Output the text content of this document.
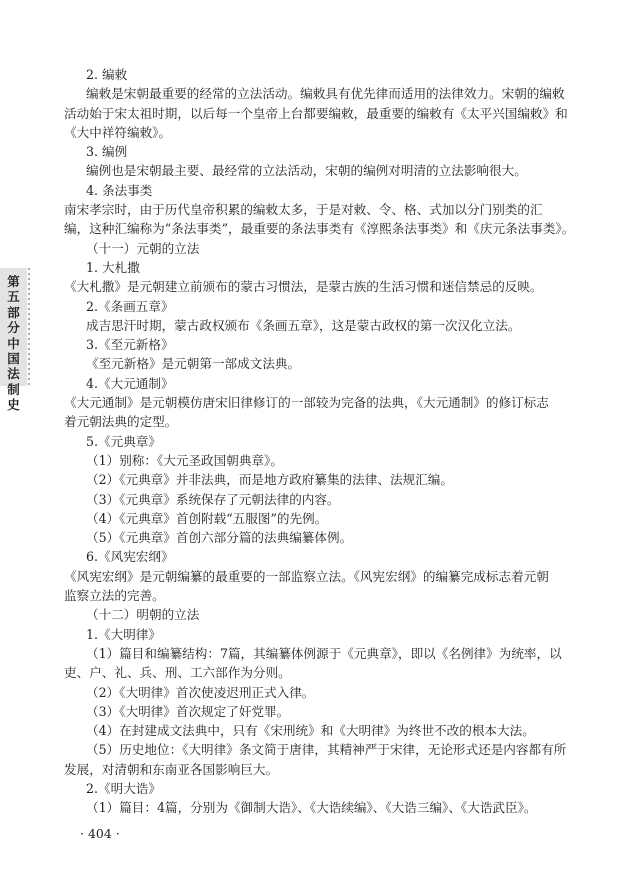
第
五
部
分
中
国
法
制
史
2. 编敕
编敕是宋朝最重要的经常的立法活动。编敕具有优先律而适用的法律效力。宋朝的编敕
活动始于宋太祖时期，以后每一个皇帝上台都要编敕，最重要的编敕有《太平兴国编敕》和
《大中祥符编敕》。
3. 编例
编例也是宋朝最主要、最经常的立法活动，宋朝的编例对明清的立法影响很大。
4. 条法事类
南宋孝宗时，由于历代皇帝积累的编敕太多，于是对敕、令、格、式加以分门别类的汇
编，这种汇编称为“条法事类”，最重要的条法事类有《淳熙条法事类》和《庆元条法事类》。
（十一）元朝的立法
1. 大札撒
《大札撒》是元朝建立前颁布的蒙古习惯法，是蒙古族的生活习惯和迷信禁忌的反映。
2.《条画五章》
成吉思汗时期，蒙古政权颁布《条画五章》，这是蒙古政权的第一次汉化立法。
3.《至元新格》
《至元新格》是元朝第一部成文法典。
4.《大元通制》
《大元通制》是元朝模仿唐宋旧律修订的一部较为完备的法典，《大元通制》的修订标志
着元朝法典的定型。
5.《元典章》
（1）别称：《大元圣政国朝典章》。
（2）《元典章》并非法典，而是地方政府纂集的法律、法规汇编。
（3）《元典章》系统保存了元朝法律的内容。
（4）《元典章》首创附载“五服图”的先例。
（5）《元典章》首创六部分篇的法典编纂体例。
6.《风宪宏纲》
《风宪宏纲》是元朝编纂的最重要的一部监察立法。《风宪宏纲》的编纂完成标志着元朝
监察立法的完善。
（十二）明朝的立法
1.《大明律》
（1）篇目和编纂结构：7篇，其编纂体例源于《元典章》，即以《名例律》为统率，以
吏、户、礼、兵、刑、工六部作为分则。
（2）《大明律》首次使凌迟刑正式入律。
（3）《大明律》首次规定了奸党罪。
（4）在封建成文法典中，只有《宋刑统》和《大明律》为终世不改的根本大法。
（5）历史地位：《大明律》条文简于唐律，其精神严于宋律，无论形式还是内容都有所
发展，对清朝和东南亚各国影响巨大。
2.《明大诰》
（1）篇目：4篇，分别为《御制大诰》、《大诰续编》、《大诰三编》、《大诰武臣》。
· 404 ·
